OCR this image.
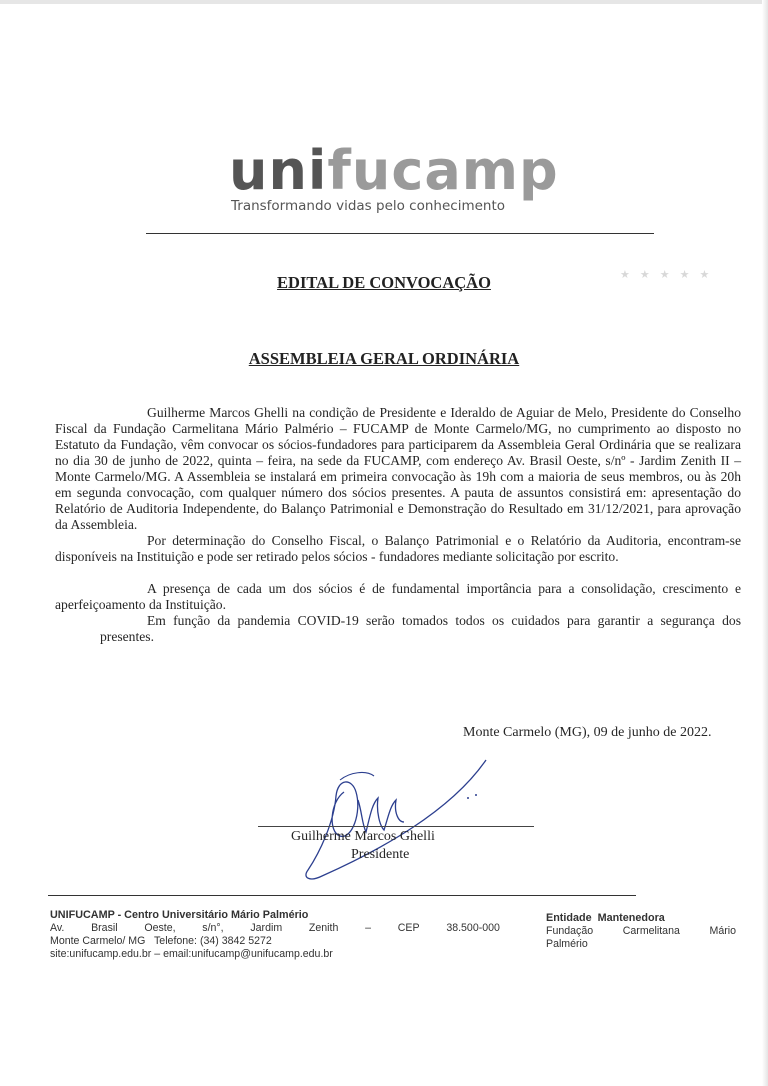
★★★★★
unifucamp
Transformando vidas pelo conhecimento
EDITAL DE CONVOCAÇÃO
ASSEMBLEIA GERAL ORDINÁRIA

Guilherme Marcos Ghelli na condição de Presidente e Ideraldo de Aguiar de Melo, Presidente do Conselho Fiscal da Fundação Carmelitana Mário Palmério – FUCAMP de Monte Carmelo/MG, no cumprimento ao disposto no Estatuto da Fundação, vêm convocar os sócios-fundadores para participarem da Assembleia Geral Ordinária que se realizara no dia 30 de junho de 2022, quinta – feira, na sede da FUCAMP, com endereço Av. Brasil Oeste, s/nº - Jardim Zenith II – Monte Carmelo/MG. A Assembleia se instalará em primeira convocação às 19h com a maioria de seus membros, ou às 20h em segunda convocação, com qualquer número dos sócios presentes. A pauta de assuntos consistirá em: apresentação do Relatório de Auditoria Independente, do Balanço Patrimonial e Demonstração do Resultado em 31/12/2021, para aprovação da Assembleia.

Por determinação do Conselho Fiscal, o Balanço Patrimonial e o Relatório da Auditoria, encontram-se disponíveis na Instituição e pode ser retirado pelos sócios - fundadores mediante solicitação por escrito.

A presença de cada um dos sócios é de fundamental importância para a consolidação, crescimento e aperfeiçoamento da Instituição.

Em função da pandemia COVID-19 serão tomados todos os cuidados para garantir a segurança dos presentes.

Monte Carmelo (MG), 09 de junho de 2022.
Guilherme Marcos Ghelli
Presidente
UNIFUCAMP - Centro Universitário Mário Palmério
Av.	Brasil	Oeste,	s/n°,	Jardim	Zenith	–	CEP	38.500-000
Monte Carmelo/ MG   Telefone: (34) 3842 5272
site:unifucamp.edu.br – email:unifucamp@unifucamp.edu.br
Entidade  Mantenedora
Fundação	Carmelitana	Mário
Palmério
